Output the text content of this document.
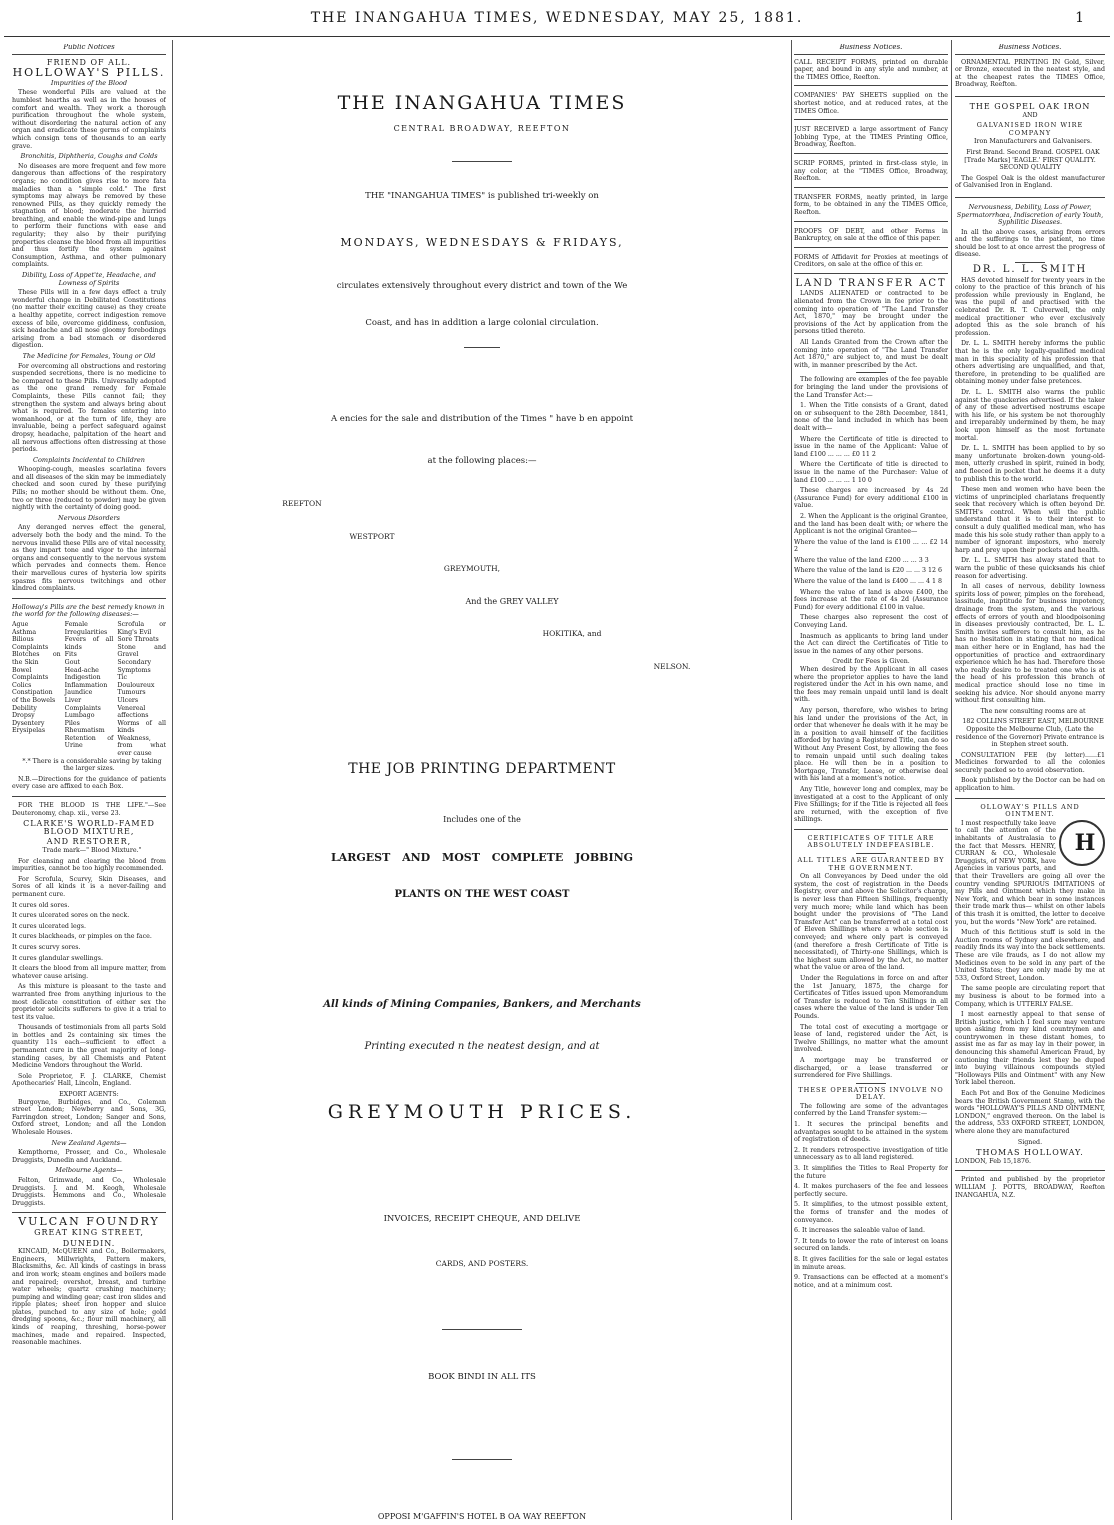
THE INANGAHUA TIMES, WEDNESDAY, MAY 25, 1881.	1
Public Notices
FRIEND OF ALL.
HOLLOWAY'S PILLS.
Impurities of the Blood

These wonderful Pills are valued at the humblest hearths as well as in the houses of comfort and wealth. They work a thorough purification throughout the whole system, without disordering the natural action of any organ and eradicate these germs of complaints which consign tens of thousands to an early grave.

Bronchitis, Diphtheria, Coughs and Colds

No diseases are more frequent and few more dangerous than affections of the respiratory organs; no condition gives rise to more fata maladies than a "simple cold." The first symptoms may always be removed by these renowned Pills, as they quickly remedy the stagnation of blood; moderate the hurried breathing, and enable the wind-pipe and lungs to perform their functions with ease and regularity; they also by their purifying properties cleanse the blood from all impurities and thus fortify the system against Consumption, Asthma, and other pulmonary complaints.

Dibility, Loss of Appet'te, Headache, and Lowness of Spirits

These Pills will in a few days effect a truly wonderful change in Debilitated Constitutions (no matter their exciting cause) as they create a healthy appetite, correct indigestion remove excess of bile, overcome giddiness, confusion, sick headache and all nose gloomy forebodings arising from a bad stomach or disordered digestion.

The Medicine for Females, Young or Old

For overcoming all obstructions and restoring suspended secretions, there is no medicine to be compared to these Pills. Universally adopted as the one grand remedy for Female Complaints, these Pills cannot fail; they strengthen the system and always bring about what is required. To females entering into womanhood, or at the turn of life, they are invaluable, being a perfect safeguard against dropsy, headache, palpitation of the heart and all nervous affections often distressing at those periods.

Complaints Incidental to Children

Whooping-cough, measles scarlatina fevers and all diseases of the skin may be immediately checked and soon cured by these purifying Pills; no mother should be without them. One, two or three (reduced to powder) may be given nightly with the certainty of doing good.

Nervous Disorders

Any deranged nerves effect the general, adversely both the body and the mind. To the nervous invalid these Pills are of vital necessity, as they impart tone and vigor to the internal organs and consequently to the nervous system which pervades and connects them. Hence their marvellous cures of hysteria low spirits spasms fits nervous twitchings and other kindred complaints.

Holloway's Pills are the best remedy known in the world for the following diseases:—
Ague
Asthma
Bilious Complaints
Blotches on the Skin
Bowel Complaints
Colics
Constipation of the Bowels
Debility
Dropsy
Dysentery
Erysipelas
Female Irregularities
Fevers of all kinds
Fits
Gout
Head-ache
Indigestion
Inflammation
Jaundice
Liver Complaints
Lumbago
Piles
Rheumatism
Retention of Urine
Scrofula or King's Evil
Sore Throats
Stone and Gravel
Secondary Symptoms
Tic Douloureux
Tumours
Ulcers
Venereal affections
Worms of all kinds
Weakness, from what ever cause

*.* There is a considerable saving by taking the larger sizes.

N.B.—Directions for the guidance of patients every case are affixed to each Box.

FOR THE BLOOD IS THE LIFE."—See Deuteronomy, chap. xii., verse 23.

CLARKE'S WORLD-FAMED BLOOD MIXTURE,
AND RESTORER,

Trade mark—" Blood Mixture."

For cleansing and clearing the blood from impurities, cannot be too highly recommended.

For Scrofula, Scurvy, Skin Diseases, and Sores of all kinds it is a never-failing and permanent cure.

It cures old sores.

It cures ulcerated sores on the neck.

It cures ulcerated legs.

It cures blackheads, or pimples on the face.

It cures scurvy sores.

It cures glandular swellings.

It clears the blood from all impure matter, from whatever cause arising.

As this mixture is pleasant to the taste and warranted free from anything injurious to the most delicate constitution of either sex the proprietor solicits sufferers to give it a trial to test its value.

Thousands of testimonials from all parts Sold in bottles and 2s containing six times the quantity 11s each—sufficient to effect a permanent cure in the great majority of long-standing cases, by all Chemists and Patent Medicine Vendors throughout the World.

Sole Proprietor, F. J. CLARKE, Chemist Apothecaries' Hall, Lincoln, England.

EXPORT AGENTS:

Burgoyne, Burbidges, and Co., Coleman street London; Newberry and Sons, 3G, Farringdon street, London; Sanger and Sons, Oxford street, London; and all the London Wholesale Houses.

New Zealand Agents—

Kempthorne, Prosser, and Co., Wholesale Druggists, Dunedin and Auckland.

Melbourne Agents—

Felton, Grimwade, and Co., Wholesale Druggists. J. and M. Keogh, Wholesale Druggists. Hemmons and Co., Wholesale Druggists.

VULCAN FOUNDRY
GREAT KING STREET,
DUNEDIN.

KINCAID, McQUEEN and Co., Boilermakers, Engineers, Millwrights, Pattern makers, Blacksmiths, &c. All kinds of castings in brass and iron work; steam engines and boilers made and repaired; overshot, breast, and turbine water wheels; quartz crushing machinery; pumping and winding gear; cast iron slides and ripple plates; sheet iron hopper and sluice plates, punched to any size of hole; gold dredging spoons, &c.; flour mill machinery, all kinds of reaping, threshing, horse-power machines, made and repaired. Inspected, reasonable machines.

THE INANGAHUA TIMES
CENTRAL BROADWAY, REEFTON
THE "INANGAHUA TIMES" is published tri-weekly on
MONDAYS, WEDNESDAYS & FRIDAYS,
circulates extensively throughout every district and town of the We
Coast, and has in addition a large colonial circulation.
A encies for the sale and distribution of the Times " have b en appoint
at the following places:—
REEFTON
WESTPORT
GREYMOUTH,
And the GREY VALLEY
HOKITIKA, and
NELSON.
THE JOB PRINTING DEPARTMENT
Includes one of the
LARGEST AND MOST COMPLETE JOBBING
PLANTS ON THE WEST COAST
All kinds of Mining Companies, Bankers, and Merchants
Printing executed n the neatest design, and at
GREYMOUTH PRICES.
INVOICES, RECEIPT CHEQUE, AND DELIVE
CARDS, AND POSTERS.
BOOK BINDI IN ALL ITS
OPPOSI M'GAFFIN'S HOTEL B OA WAY REEFTON
Business Notices.
CALL RECEIPT FORMS, printed on durable paper, and bound in any style and number, at the TIMES Office, Reefton.
COMPANIES' PAY SHEETS supplied on the shortest notice, and at reduced rates, at the TIMES Office.
JUST RECEIVED a large assortment of Fancy Jobbing Type, at the TIMES Printing Office, Broadway, Reefton.
SCRIP FORMS, printed in first-class style, in any color, at the "TIMES Office, Broadway, Reefton.
TRANSFER FORMS, neatly printed, in large form, to be obtained in any the TIMES Office, Reefton.
PROOFS OF DEBT, and other Forms in Bankruptcy, on sale at the office of this paper.
FORMS of Affidavit for Proxies at meetings of Creditors, on sale at the office of this er.
LAND TRANSFER ACT

LANDS ALIENATED or contracted to be alienated from the Crown in fee prior to the coming into operation of "The Land Transfer Act, 1870," may be brought under the provisions of the Act by application from the persons titled thereto.

All Lands Granted from the Crown after the coming into operation of "The Land Transfer Act 1870," are subject to, and must be dealt with, in manner prescribed by the Act.

The following are examples of the fee payable for bringing the land under the provisions of the Land Transfer Act:—

1. When the Title consists of a Grant, dated on or subsequent to the 28th December, 1841, none of the land included in which has been dealt with—

Where the Certificate of title is directed to issue in the name of the Applicant: Value of land £100 ... ... ... £0 11 2

Where the Certificate of title is directed to issue in the name of the Purchaser: Value of land £100 ... ... ... 1 10 0

These charges are increased by 4s 2d (Assurance Fund) for every additional £100 in value.

2. When the Applicant is the original Grantee, and the land has been dealt with; or where the Applicant is not the original Grantee—

Where the value of the land is £100 ... ... £2 14 2

Where the value of the land £200 ... ... 3 3

Where the value of the land is £20 ... ... 3 12 6

Where the value of the land is £400 ... ... 4 1 8

Where the value of land is above £400, the fees increase at the rate of 4s 2d (Assurance Fund) for every additional £100 in value.

These charges also represent the cost of Conveying Land.

Inasmuch as applicants to bring land under the Act can direct the Certificates of Title to issue in the names of any other persons.

Credit for Fees is Given.

When desired by the Applicant in all cases where the proprietor applies to have the land registered under the Act in his own name, and the fees may remain unpaid until land is dealt with.

Any person, therefore, who wishes to bring his land under the provisions of the Act, in order that whenever he deals with it he may be in a position to avail himself of the facilities afforded by having a Registered Title, can do so Without Any Present Cost, by allowing the fees to remain unpaid until such dealing takes place. He will then be in a position to Mortgage, Transfer, Lease, or otherwise deal with his land at a moment's notice.

Any Title, however long and complex, may be investigated at a cost to the Applicant of only Five Shillings; for if the Title is rejected all fees are returned, with the exception of five shillings.

CERTIFICATES OF TITLE ARE ABSOLUTELY INDEFEASIBLE.
ALL TITLES ARE GUARANTEED BY THE GOVERNMENT.

On all Conveyances by Deed under the old system, the cost of registration in the Deeds Registry, over and above the Solicitor's charge, is never less than Fifteen Shillings, frequently very much more; while land which has been bought under the provisions of "The Land Transfer Act" can be transferred at a total cost of Eleven Shillings where a whole section is conveyed; and where only part is conveyed (and therefore a fresh Certificate of Title is necessitated), of Thirty-one Shillings, which is the highest sum allowed by the Act, no matter what the value or area of the land.

Under the Regulations in force on and after the 1st January, 1875, the charge for Certificates of Titles issued upon Memorandum of Transfer is reduced to Ten Shillings in all cases where the value of the land is under Ten Pounds.

The total cost of executing a mortgage or lease of land, registered under the Act, is Twelve Shillings, no matter what the amount involved.

A mortgage may be transferred or discharged, or a lease transferred or surrendered for Five Shillings.

THESE OPERATIONS INVOLVE NO DELAY.

The following are some of the advantages conferred by the Land Transfer system:—

1. It secures the principal benefits and advantages sought to be attained in the system of registration of deeds.

2. It renders retrospective investigation of title unnecessary as to all land registered.

3. It simplifies the Titles to Real Property for the future

4. It makes purchasers of the fee and lessees perfectly secure.

5. It simplifies, to the utmost possible extent, the forms of transfer and the modes of conveyance.

6. It increases the saleable value of land.

7. It tends to lower the rate of interest on loans secured on lands.

8. It gives facilities for the sale or legal estates in minute areas.

9. Transactions can be effected at a moment's notice, and at a minimum cost.

Business Notices.

ORNAMENTAL PRINTING IN Gold, Silver, or Bronze, executed in the neatest style, and at the cheapest rates the TIMES Office, Broadway, Reefton.

THE GOSPEL OAK IRON
AND
GALVANISED IRON WIRE COMPANY

Iron Manufacturers and Galvanisers.

First Brand. Second Brand. GOSPEL OAK [Trade Marks] 'EAGLE.' FIRST QUALITY. SECOND QUALITY

The Gospel Oak is the oldest manufacturer of Galvanised Iron in England.

Nervousness, Debility, Loss of Power, Spermatorrhœa, Indiscretion of early Youth, Syphilitic Diseases.

In all the above cases, arising from errors and the sufferings to the patient, no time should be lost to at once arrest the progress of disease.

DR. L. L. SMITH

HAS devoted himself for twenty years in the colony to the practice of this branch of his profession while previously in England, he was the pupil of and practised with the celebrated Dr. R. T. Culverwell, the only medical practitioner who ever exclusively adopted this as the sole branch of his profession.

Dr. L. L. SMITH hereby informs the public that he is the only legally-qualified medical man in this speciality of his profession that others advertising are unqualified, and that, therefore, in pretending to be qualified are obtaining money under false pretences.

Dr. L. L. SMITH also warns the public against the quackeries advertised. If the taker of any of these advertised nostrums escape with his life, or his system be not thoroughly and irreparably undermined by them, he may look upon himself as the most fortunate mortal.

Dr. L. L. SMITH has been applied to by so many unfortunate broken-down young-old-men, utterly crushed in spirit, ruined in body, and fleeced in pocket that he deems it a duty to publish this to the world.

These men and women who have been the victims of unprincipled charlatans frequently seek that recovery which is often beyond Dr. SMITH's control. When will the public understand that it is to their interest to consult a duly qualified medical man, who has made this his sole study rather than apply to a number of ignorant impostors, who merely harp and prey upon their pockets and health.

Dr. L. L. SMITH has alway stated that to warn the public of these quicksands his chief reason for advertising.

In all cases of nervous, debility lowness spirits loss of power, pimples on the forehead, lassitude, inaptitude for business impotency, drainage from the system, and the various effects of errors of youth and bloodpoisoning in diseases previously contracted, Dr. L. L. Smith invites sufferers to consult him, as he has no hesitation in stating that no medical man either here or in England, has had the opportunities of practice and extraordinary experience which he has had. Therefore those who really desire to be treated one who is at the head of his profession this branch of medical practice should lose no time in seeking his advice. Nor should anyone marry without first consulting him.

The new consulting rooms are at

182 COLLINS STREET EAST, MELBOURNE Opposite the Melbourne Club, (Late the residence of the Governor) Private entrance is in Stephen street south.

CONSULTATION FEE (by letter)......£1 Medicines forwarded to all the colonies securely packed so to avoid observation.

Book published by the Doctor can be had on application to him.

OLLOWAY'S PILLS AND OINTMENT.

H
I most respectfully take leave to call the attention of the inhabitants of Australasia to the fact that Messrs. HENRY, CURRAN & CO., Wholesale Druggists, of NEW YORK, have Agencies in various parts, and that their Travellers are going all over the country vending SPURIOUS IMITATIONS of my Pills and Ointment which they make in New York, and which bear in some instances their trade mark thus— whilst on other labels of this trash it is omitted, the letter to deceive you, but the words "New York" are retained.

Much of this fictitious stuff is sold in the Auction rooms of Sydney and elsewhere, and readily finds its way into the back settlements. These are vile frauds, as I do not allow my Medicines even to be sold in any part of the United States; they are only made by me at 533, Oxford Street, London.

The same people are circulating report that my business is about to be formed into a Company, which is UTTERLY FALSE.

I most earnestly appeal to that sense of British justice, which I feel sure may venture upon asking from my kind countrymen and countrywomen in these distant homes, to assist me as far as may lay in their power, in denouncing this shameful American Fraud, by cautioning their friends lest they be duped into buying villainous compounds styled "Holloways Pills and Ointment" with any New York label thereon.

Each Pot and Box of the Genuine Medicines bears the British Government Stamp, with the words "HOLLOWAY'S PILLS AND OINTMENT, LONDON," engraved thereon. On the label is the address, 533 OXFORD STREET, LONDON, where alone they are manufactured

Signed.
THOMAS HOLLOWAY.
LONDON, Feb 15,1876.

Printed and published by the proprietor WILLIAM J. POTTS, BROADWAY, Reefton INANGAHUA, N.Z.
